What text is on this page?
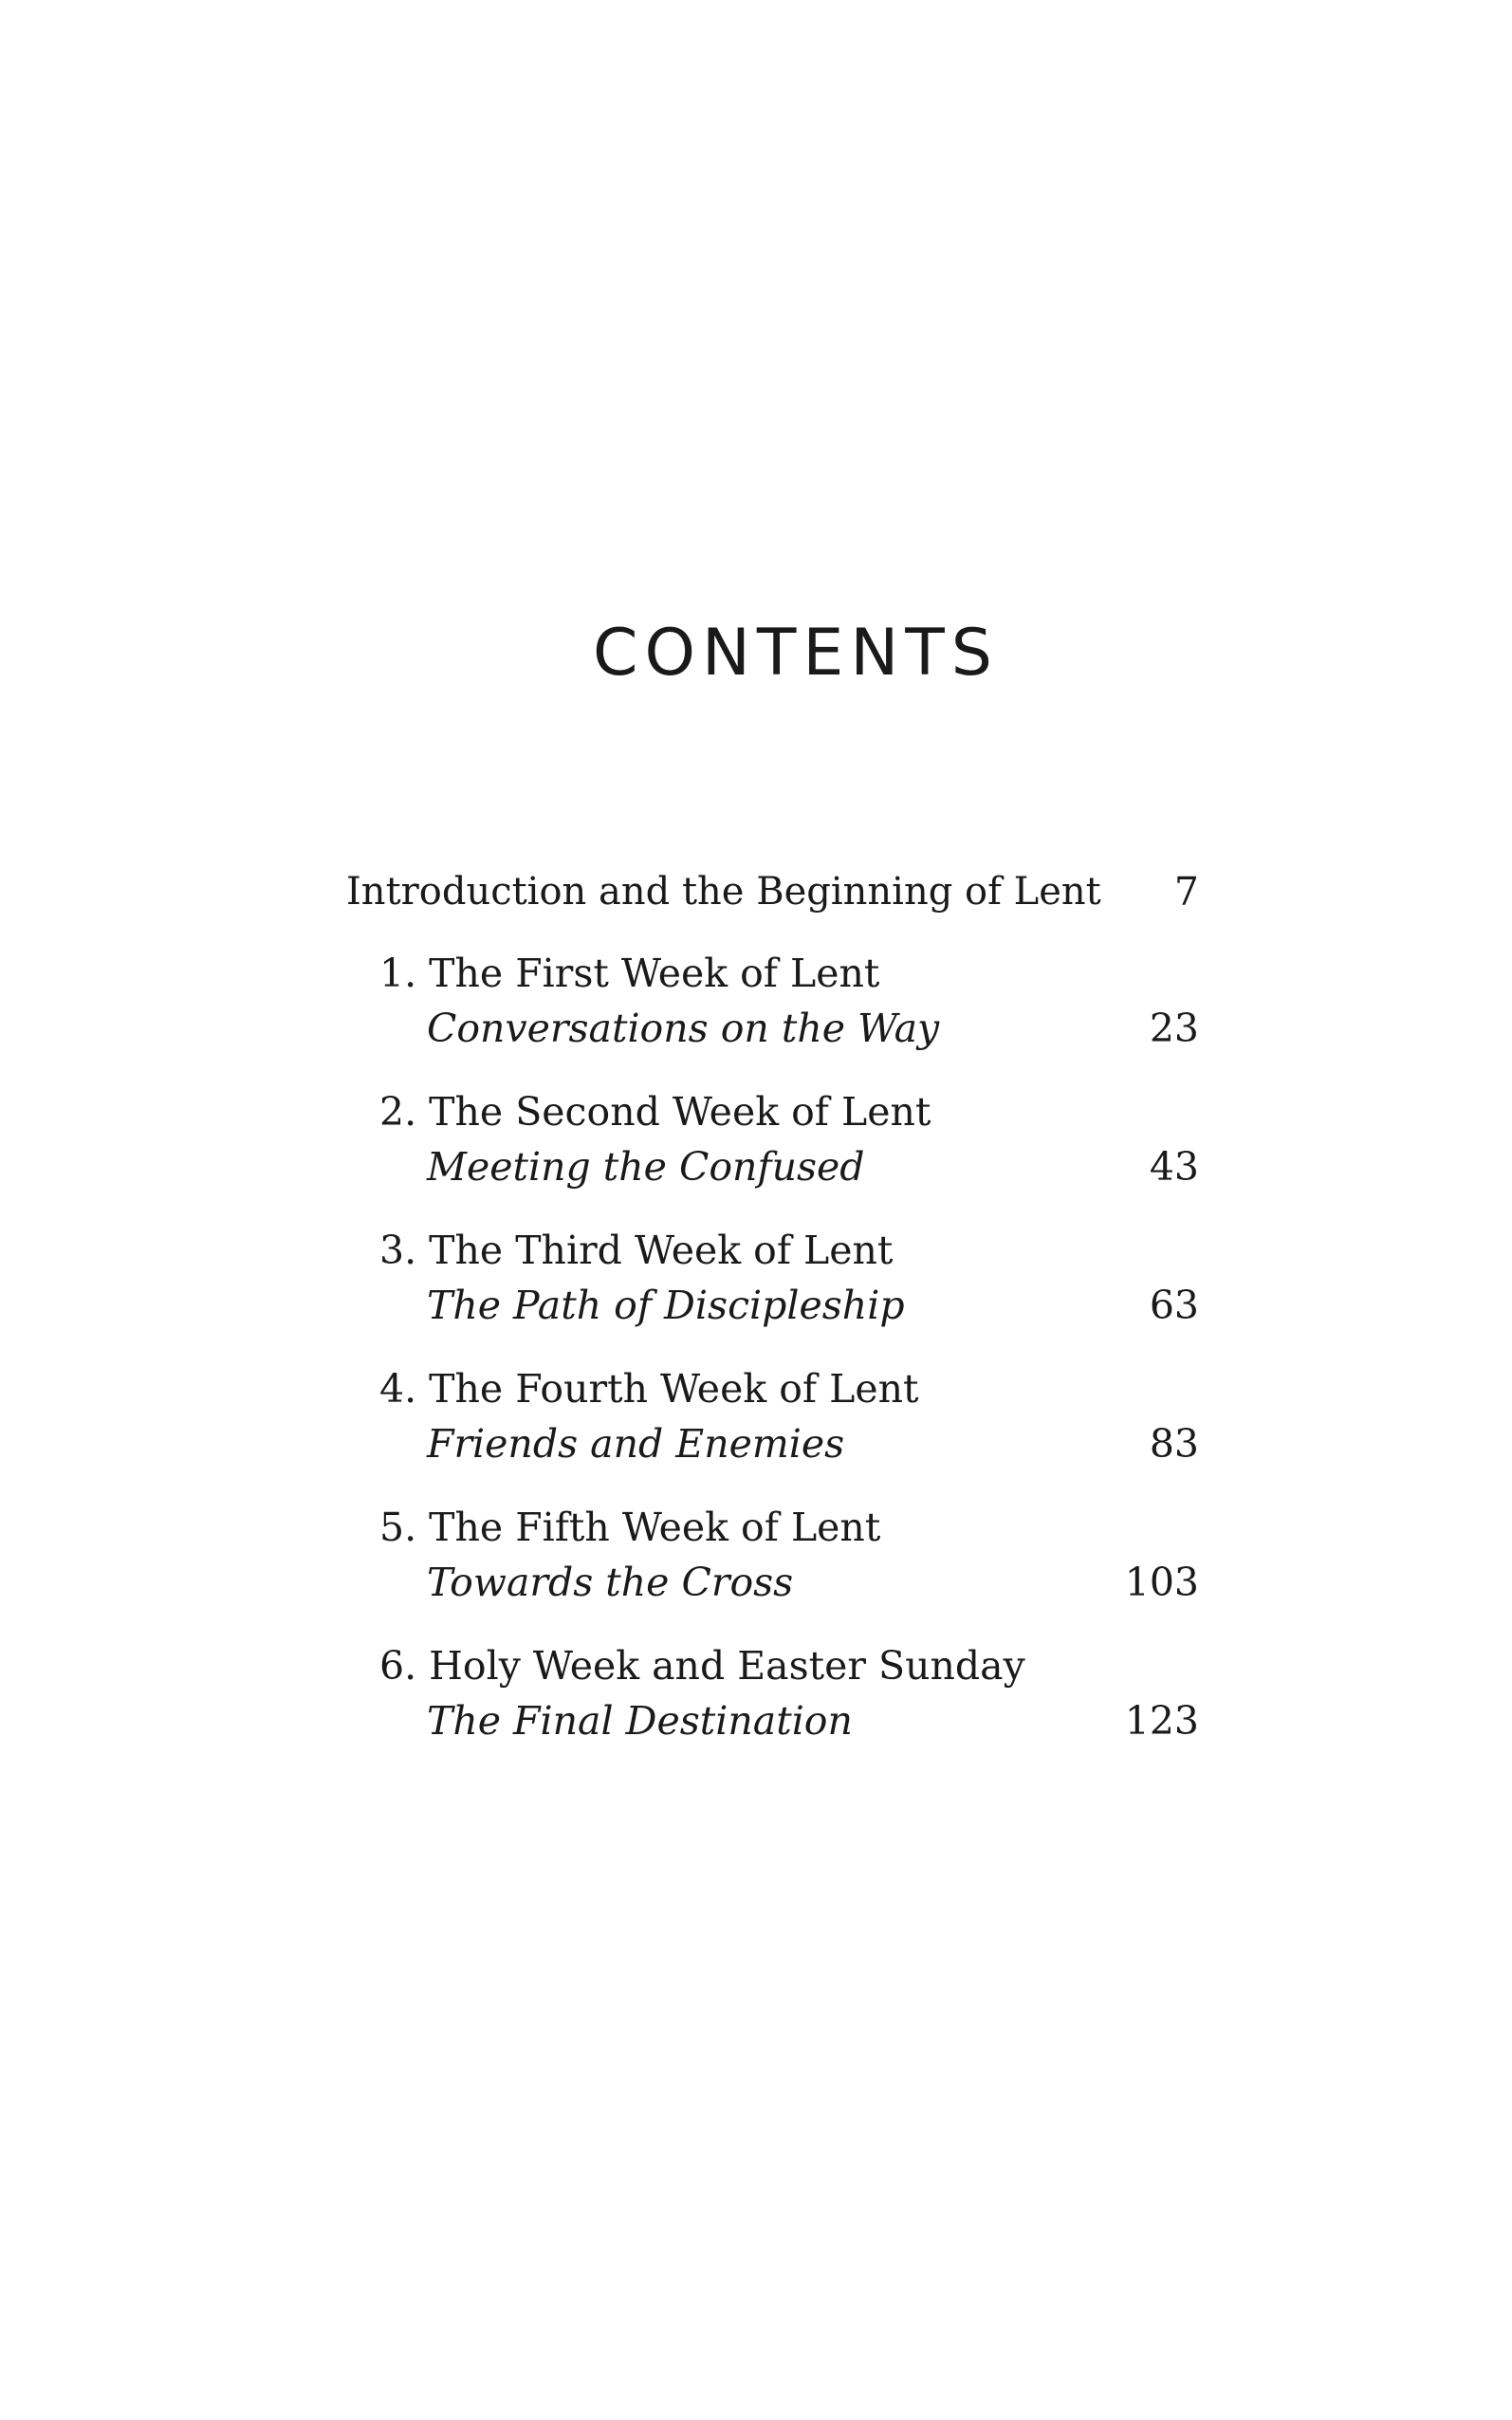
CONTENTS
Introduction and the Beginning of Lent 7
1. The First Week of Lent
Conversations on the Way	23
2. The Second Week of Lent
Meeting the Confused	43
3. The Third Week of Lent
The Path of Discipleship	63
4. The Fourth Week of Lent
Friends and Enemies	83
5. The Fifth Week of Lent
Towards the Cross	103
6. Holy Week and Easter Sunday
The Final Destination	123
